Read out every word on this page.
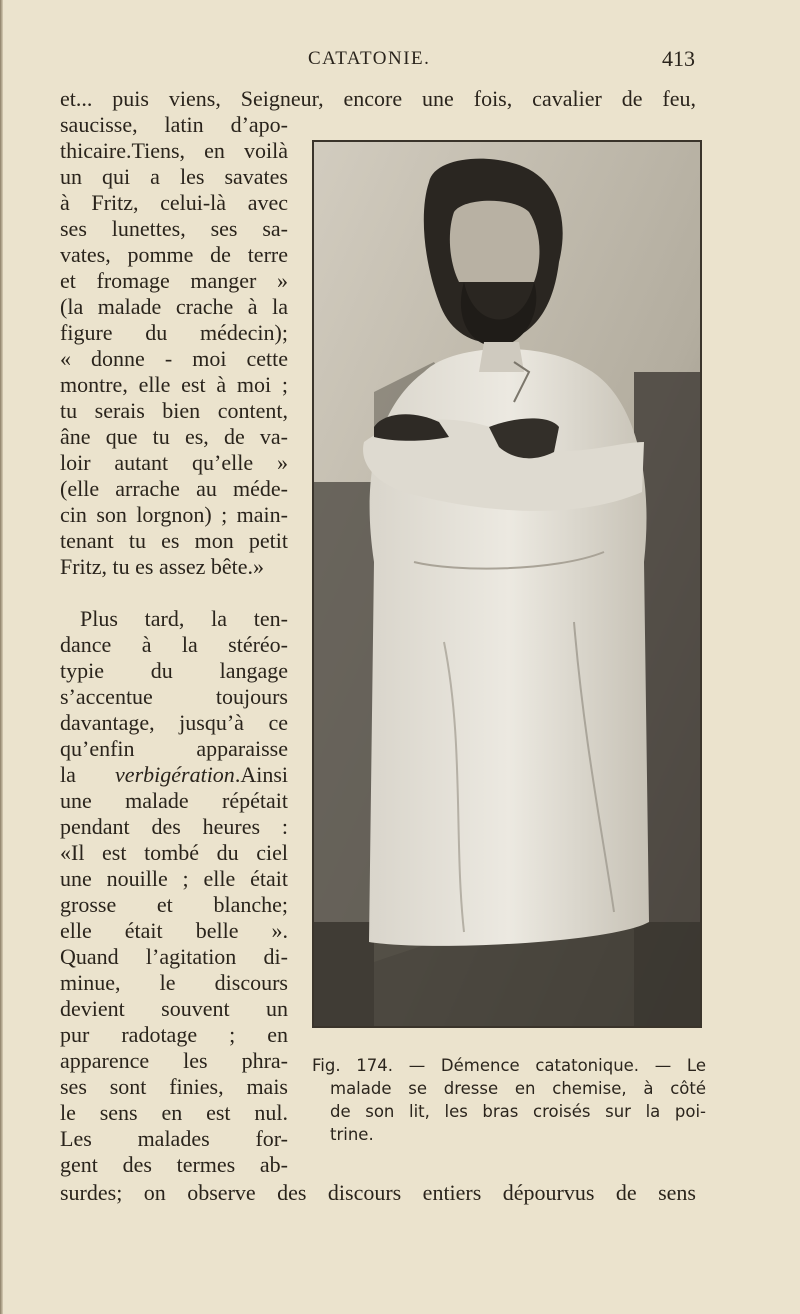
CATATONIE.	413
et... puis viens, Seigneur, encore une fois, cavalier de feu,
saucisse, latin d’apo-
thicaire.Tiens, en voilà
un qui a les savates
à Fritz, celui-là avec
ses lunettes, ses sa-
vates, pomme de terre
et fromage manger »
(la malade crache à la
figure du médecin);
« donne - moi cette
montre, elle est à moi ;
tu serais bien content,
âne que tu es, de va-
loir autant qu’elle »
(elle arrache au méde-
cin son lorgnon) ; main-
tenant tu es mon petit
Fritz, tu es assez bête.»
Plus tard, la ten-
dance à la stéréo-
typie du langage
s’accentue toujours
davantage, jusqu’à ce
qu’enfin apparaisse
la verbigération.Ainsi
une malade répétait
pendant des heures :
«Il est tombé du ciel
une nouille ; elle était
grosse et blanche;
elle était belle ».
Quand l’agitation di-
minue, le discours
devient souvent un
pur radotage ; en
apparence les phra-
ses sont finies, mais
le sens en est nul.
Les malades for-
gent des termes ab-
surdes; on observe des discours entiers dépourvus de sens
Fig. 174. — Démence catatonique. — Le
malade se dresse en chemise, à côté
de son lit, les bras croisés sur la poi-
trine.
